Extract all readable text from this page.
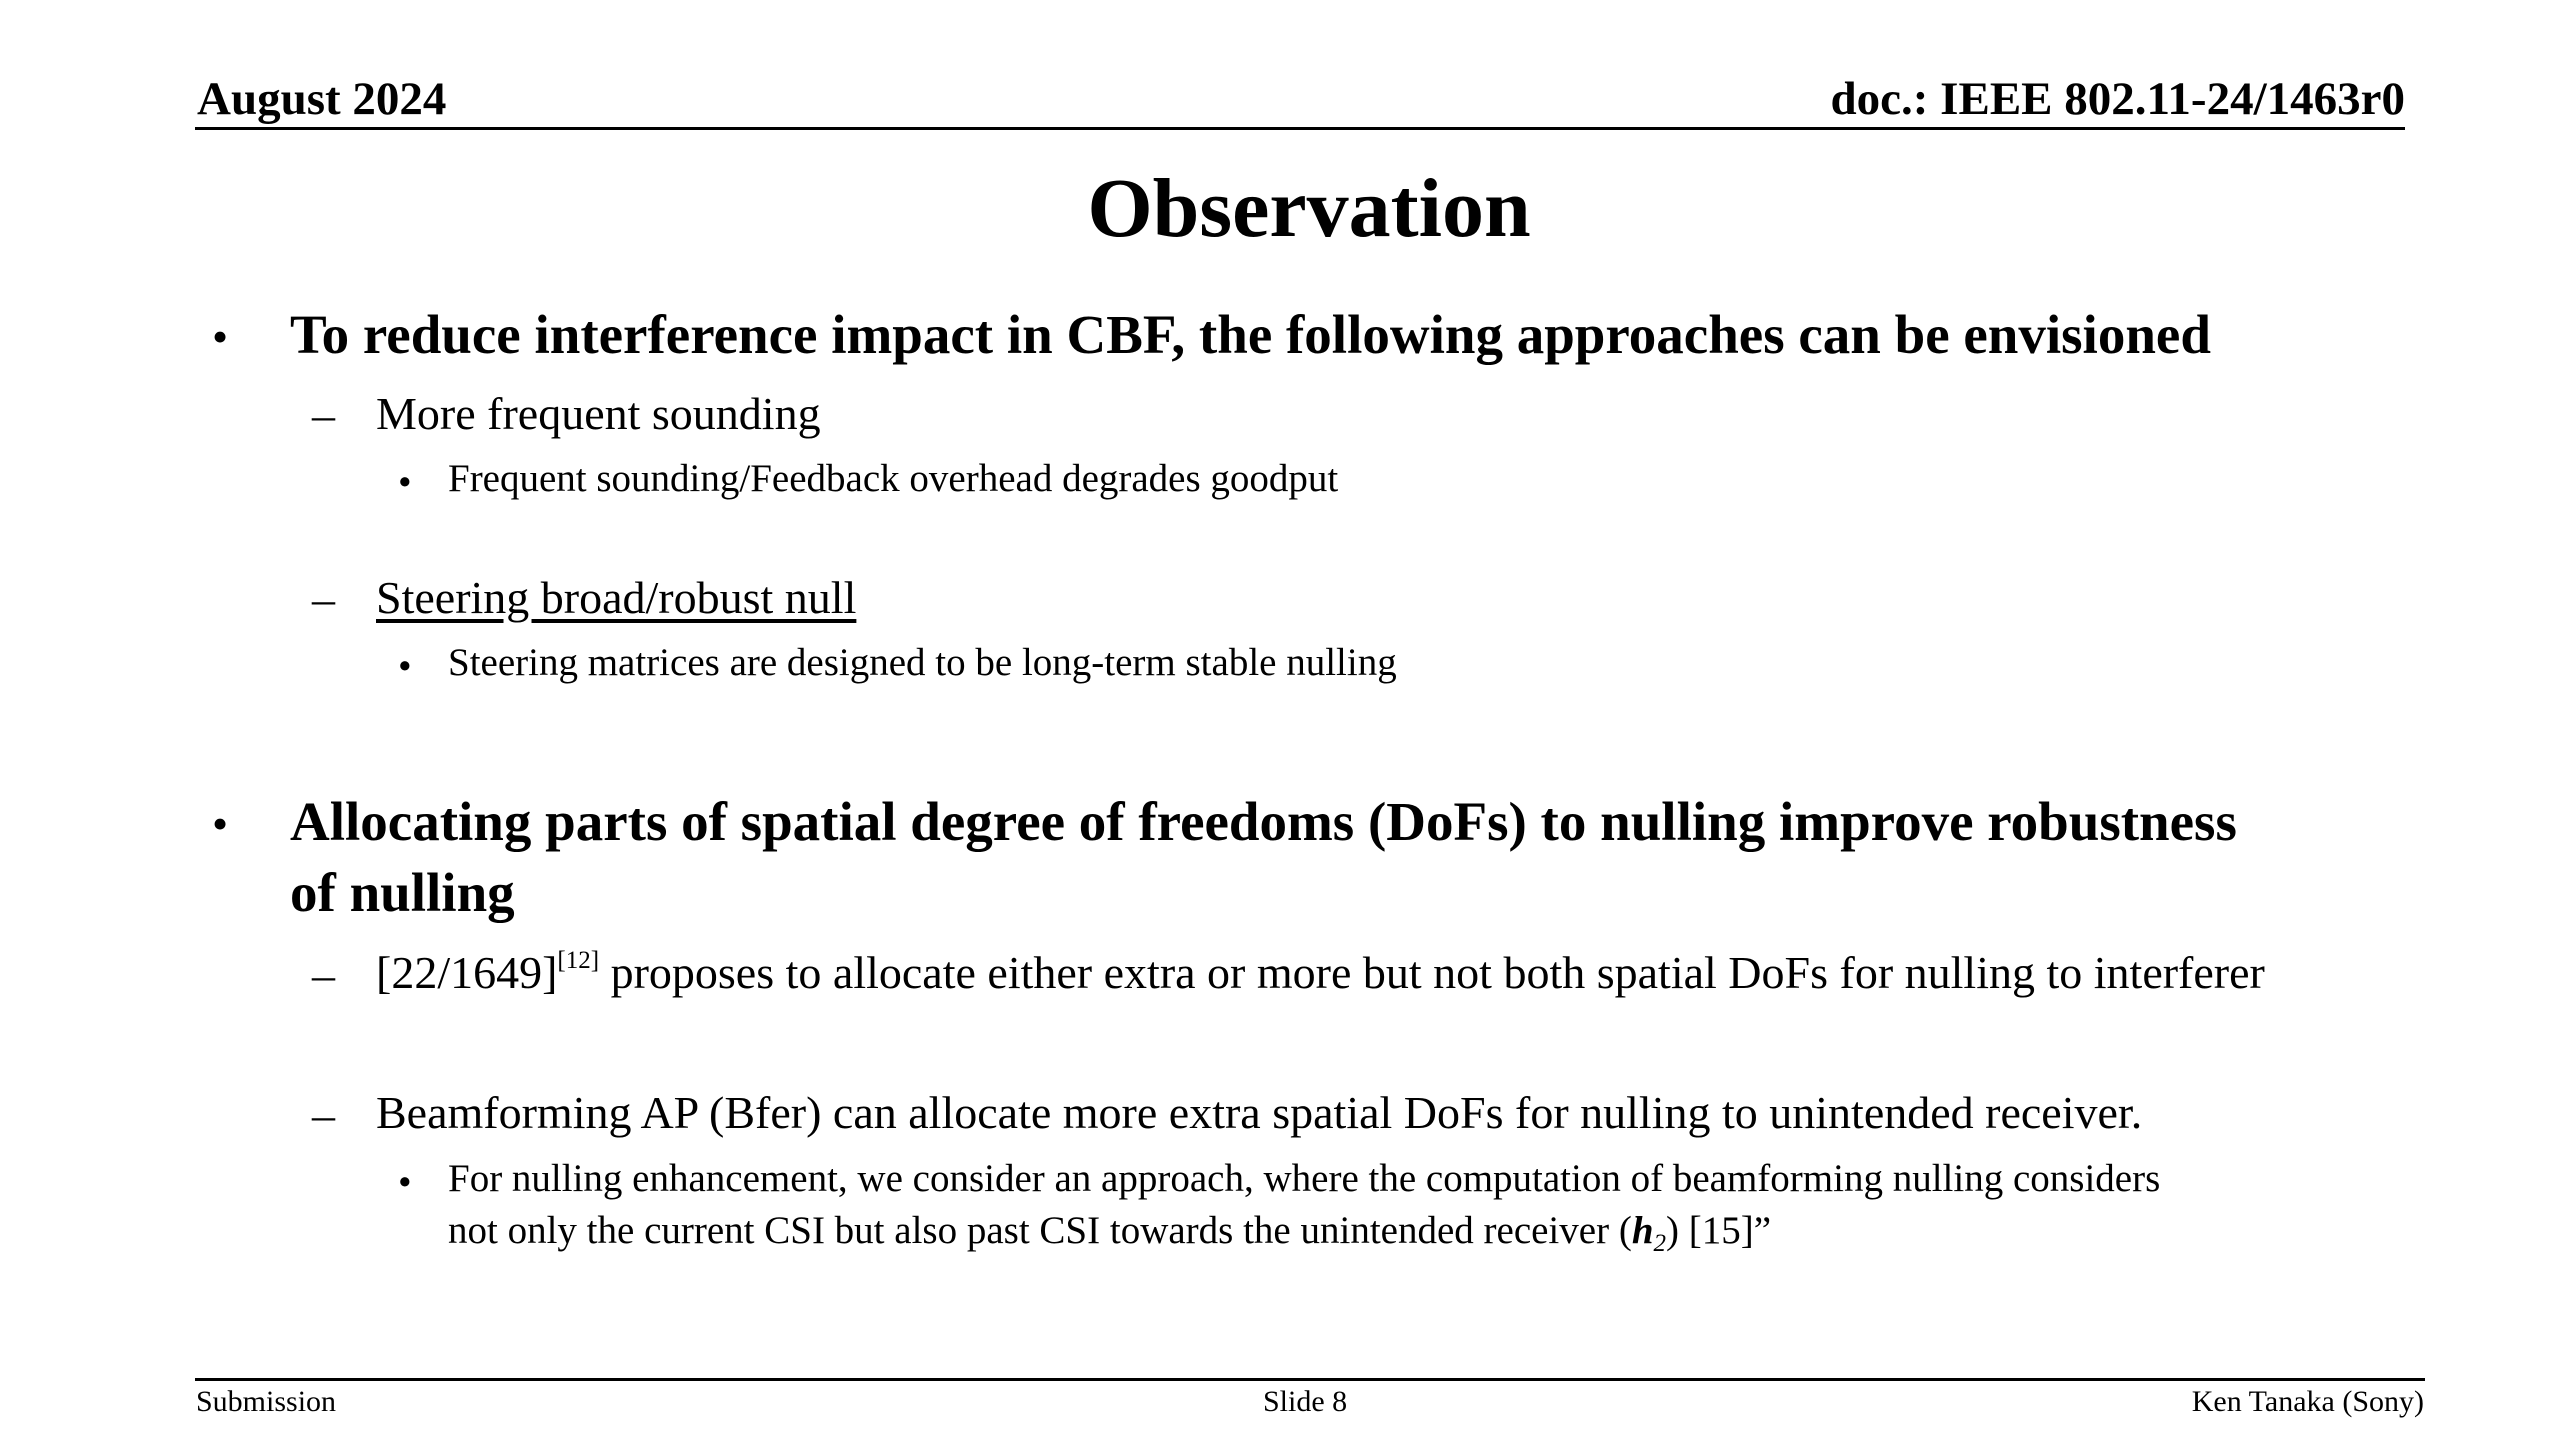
August 2024	doc.: IEEE 802.11-24/1463r0
Observation
• To reduce interference impact in CBF, the following approaches can be envisioned
– More frequent sounding
• Frequent sounding/Feedback overhead degrades goodput
– Steering broad/robust null
• Steering matrices are designed to be long-term stable nulling
• Allocating parts of spatial degree of freedoms (DoFs) to nulling improve robustness
of nulling
– [22/1649][12] proposes to allocate either extra or more but not both spatial DoFs for nulling to interferer
– Beamforming AP (Bfer) can allocate more extra spatial DoFs for nulling to unintended receiver.
• For nulling enhancement, we consider an approach, where the computation of beamforming nulling considers
not only the current CSI but also past CSI towards the unintended receiver $(h_2)$ [15]”
Submission	Slide 8	Ken Tanaka (Sony)
